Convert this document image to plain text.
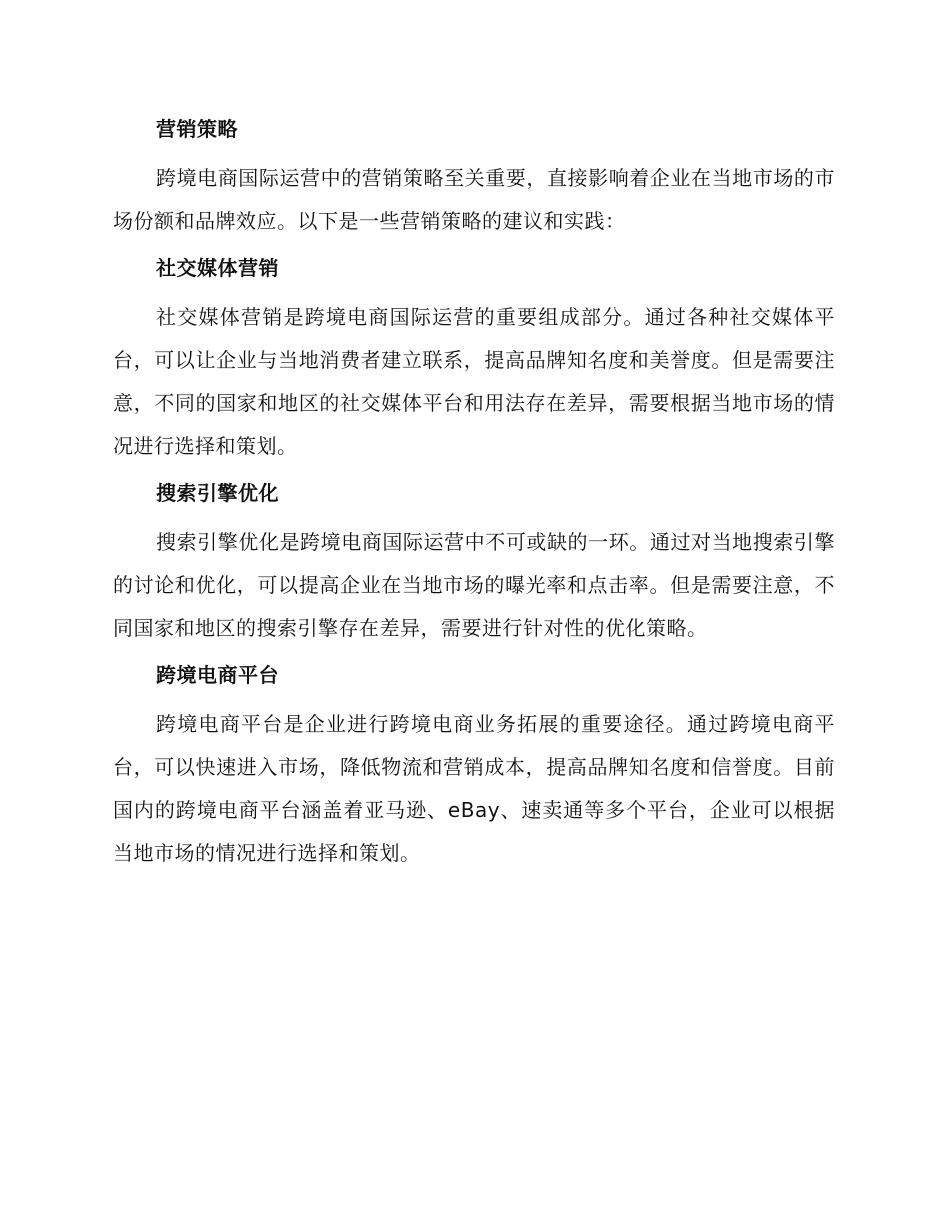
营销策略

跨境电商国际运营中的营销策略至关重要，直接影响着企业在当地市场的市场份额和品牌效应。以下是一些营销策略的建议和实践：

社交媒体营销

社交媒体营销是跨境电商国际运营的重要组成部分。通过各种社交媒体平台，可以让企业与当地消费者建立联系，提高品牌知名度和美誉度。但是需要注意，不同的国家和地区的社交媒体平台和用法存在差异，需要根据当地市场的情况进行选择和策划。

搜索引擎优化

搜索引擎优化是跨境电商国际运营中不可或缺的一环。通过对当地搜索引擎的讨论和优化，可以提高企业在当地市场的曝光率和点击率。但是需要注意，不同国家和地区的搜索引擎存在差异，需要进行针对性的优化策略。

跨境电商平台

跨境电商平台是企业进行跨境电商业务拓展的重要途径。通过跨境电商平台，可以快速进入市场，降低物流和营销成本，提高品牌知名度和信誉度。目前国内的跨境电商平台涵盖着亚马逊、eBay、速卖通等多个平台，企业可以根据当地市场的情况进行选择和策划。
